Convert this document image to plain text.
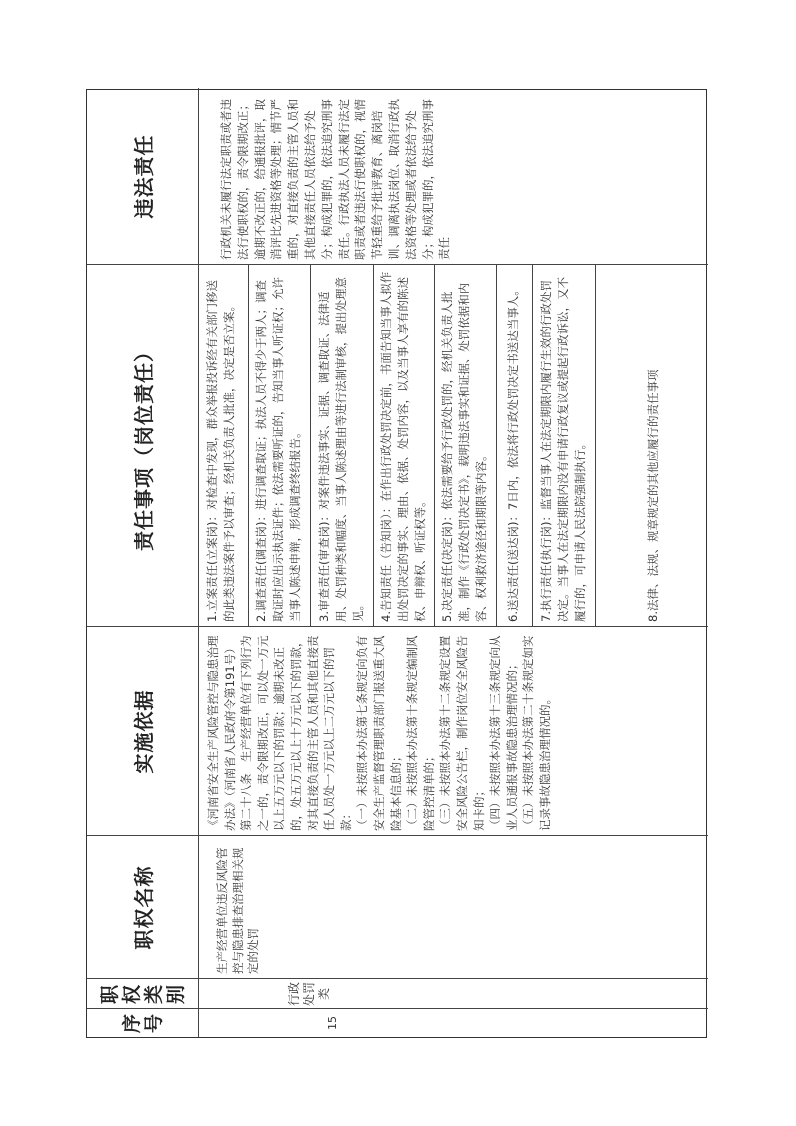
序号
职权类别
职权名称
实施依据
责任事项（岗位责任）
违法责任
15
行政处罚类
生产经营单位违反风险管控与隐患排查治理相关规定的处罚
《河南省安全生产风险管控与隐患治理办法》（河南省人民政府令第191号） 第二十八条　生产经营单位有下列行为之一的，责令限期改正，可以处一万元以上五万元以下的罚款；逾期未改正的，处五万元以上十万元以下的罚款，对其直接负责的主管人员和其他直接责任人员处一万元以上二万元以下的罚款： （一）未按照本办法第七条规定向负有安全生产监督管理职责部门报送重大风险基本信息的； （二）未按照本办法第十条规定编制风险管控清单的； （三）未按照本办法第十二条规定设置安全风险公告栏，制作岗位安全风险告知卡的； （四）未按照本办法第十三条规定向从业人员通报事故隐患治理情况的； （五）未按照本办法第二十条规定如实记录事故隐患治理情况的。
1.立案责任(立案岗)：对检查中发现，群众举报投诉经有关部门移送的此类违法案件予以审查；经机关负责人批准，决定是否立案。 2.调查责任(调查岗)：进行调查取证；执法人员不得少于两人；调查取证时应出示执法证件；依法需要听证的，告知当事人听证权；允许当事人陈述申辩，形成调查终结报告。 3.审查责任(审查岗)：对案件违法事实、证据、调查取证、法律适用、处罚种类和幅度、当事人陈述理由等进行法制审核，提出处理意见。 4.告知责任（告知岗）：在作出行政处罚决定前，书面告知当事人拟作出处罚决定的事实、理由、依据、处罚内容，以及当事人享有的陈述权、申辩权、听证权等。 5.决定责任(决定岗)：依法需要给予行政处罚的，经机关负责人批准，制作《行政处罚决定书》，载明违法事实和证据、处罚依据和内容、权利救济途径和期限等内容。 6.送达责任(送达岗)：7日内，依法将行政处罚决定书送达当事人。 7.执行责任(执行岗)：监督当事人在法定期限内履行生效的行政处罚决定。当事人在法定期限内没有申请行政复议或提起行政诉讼，又不履行的，可申请人民法院强制执行。	8.法律、法规、规章规定的其他应履行的责任事项
行政机关未履行法定职责或者违法行使职权的，责令限期改正；逾期不改正的，给通报批评，取消评比先进资格等处理；情节严重的，对直接负责的主管人员和其他直接责任人员依法给予处分；构成犯罪的，依法追究刑事责任。行政执法人员未履行法定职责或者违法行使职权的，视情节轻重给予批评教育、离岗培训、调离执法岗位、取消行政执法资格等处理或者依法给予处分；构成犯罪的，依法追究刑事责任
